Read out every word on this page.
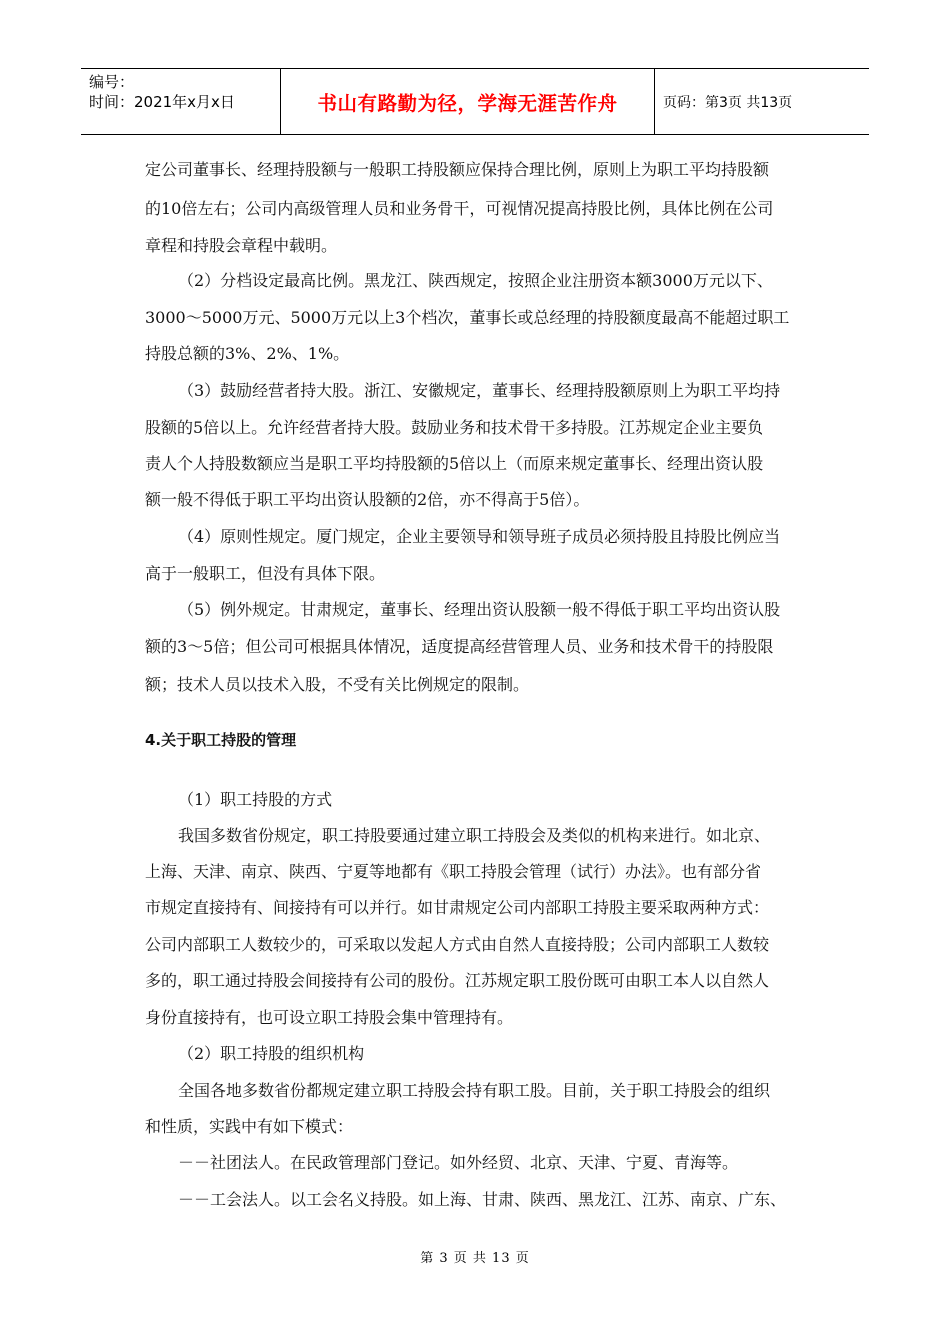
编号：
时间：2021年x月x日	书山有路勤为径，学海无涯苦作舟	页码：第3页 共13页
定公司董事长、经理持股额与一般职工持股额应保持合理比例，原则上为职工平均持股额
的10倍左右；公司内高级管理人员和业务骨干，可视情况提高持股比例，具体比例在公司
章程和持股会章程中载明。
（2）分档设定最高比例。黑龙江、陕西规定，按照企业注册资本额3000万元以下、
3000～5000万元、5000万元以上3个档次，董事长或总经理的持股额度最高不能超过职工
持股总额的3%、2%、1%。
（3）鼓励经营者持大股。浙江、安徽规定，董事长、经理持股额原则上为职工平均持
股额的5倍以上。允许经营者持大股。鼓励业务和技术骨干多持股。江苏规定企业主要负
责人个人持股数额应当是职工平均持股额的5倍以上（而原来规定董事长、经理出资认股
额一般不得低于职工平均出资认股额的2倍，亦不得高于5倍）。
（4）原则性规定。厦门规定，企业主要领导和领导班子成员必须持股且持股比例应当
高于一般职工，但没有具体下限。
（5）例外规定。甘肃规定，董事长、经理出资认股额一般不得低于职工平均出资认股
额的3～5倍；但公司可根据具体情况，适度提高经营管理人员、业务和技术骨干的持股限
额；技术人员以技术入股，不受有关比例规定的限制。
4.关于职工持股的管理
（1）职工持股的方式
我国多数省份规定，职工持股要通过建立职工持股会及类似的机构来进行。如北京、
上海、天津、南京、陕西、宁夏等地都有《职工持股会管理（试行）办法》。也有部分省
市规定直接持有、间接持有可以并行。如甘肃规定公司内部职工持股主要采取两种方式：
公司内部职工人数较少的，可采取以发起人方式由自然人直接持股；公司内部职工人数较
多的，职工通过持股会间接持有公司的股份。江苏规定职工股份既可由职工本人以自然人
身份直接持有，也可设立职工持股会集中管理持有。
（2）职工持股的组织机构
全国各地多数省份都规定建立职工持股会持有职工股。目前，关于职工持股会的组织
和性质，实践中有如下模式：
－－社团法人。在民政管理部门登记。如外经贸、北京、天津、宁夏、青海等。
－－工会法人。以工会名义持股。如上海、甘肃、陕西、黑龙江、江苏、南京、广东、
第 3 页 共 13 页
